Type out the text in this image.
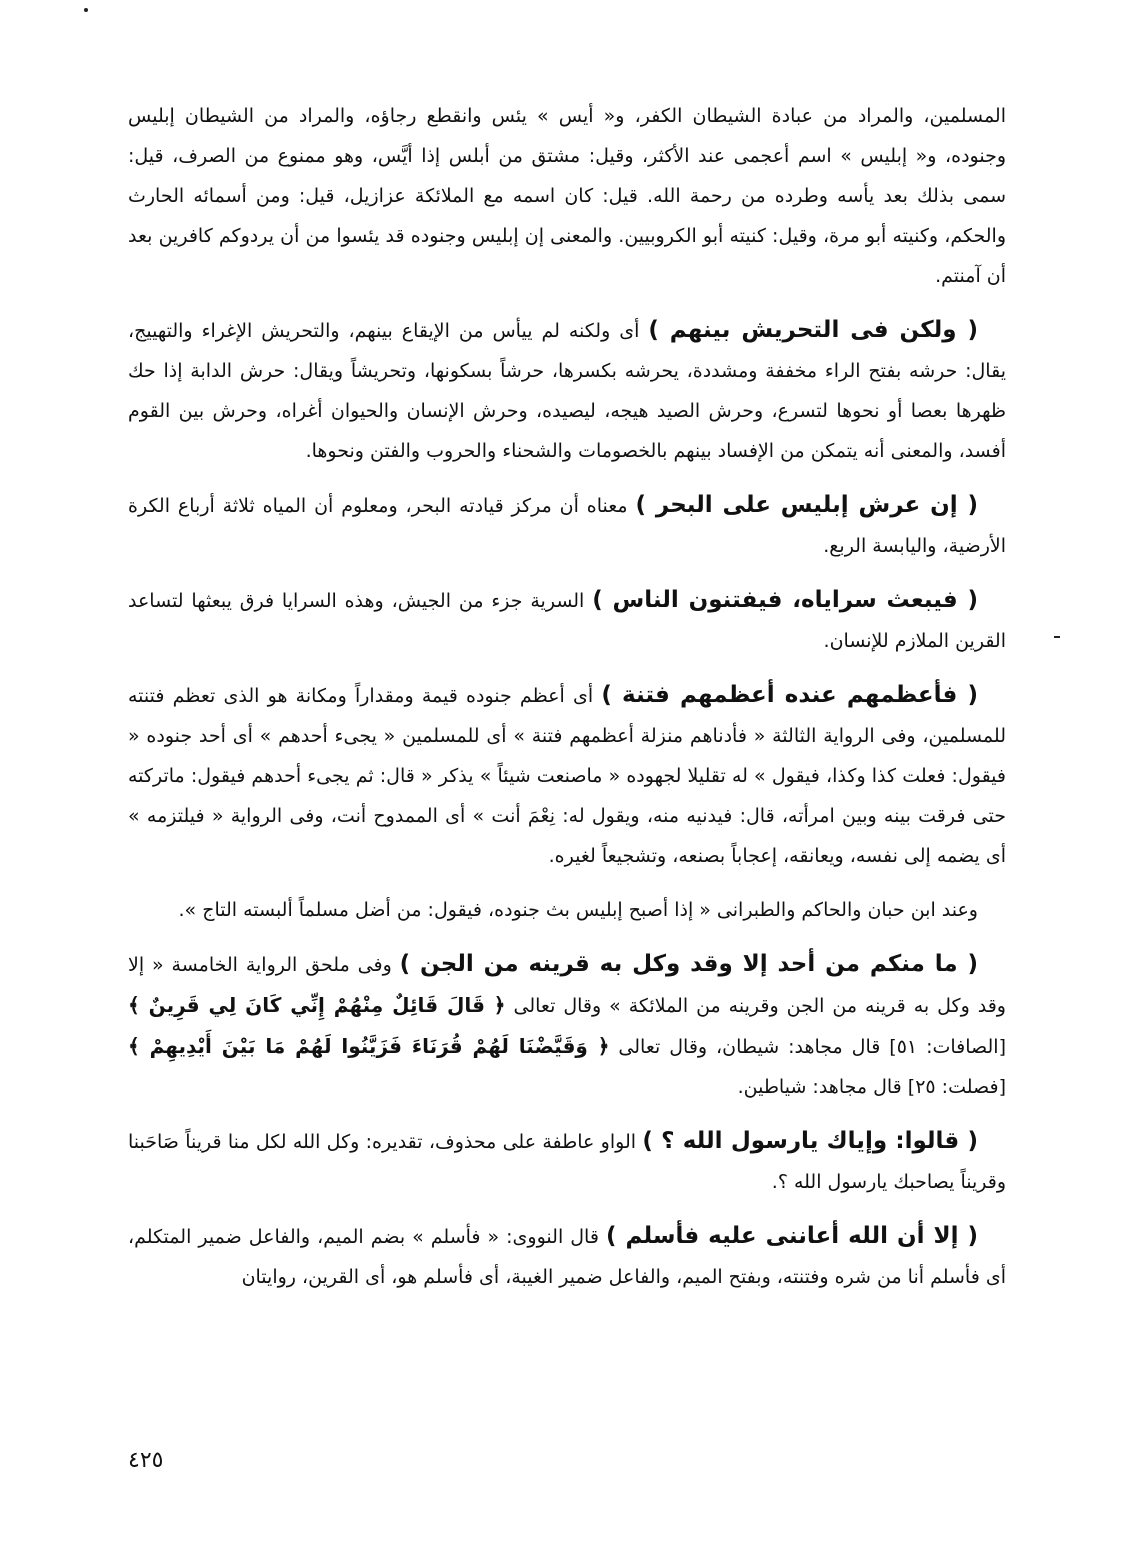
المسلمين، والمراد من عبادة الشيطان الكفر، و« أيس » يئس وانقطع رجاؤه، والمراد من الشيطان إبليس وجنوده، و« إبليس » اسم أعجمى عند الأكثر، وقيل: مشتق من أبلس إذا أيَّس، وهو ممنوع من الصرف، قيل: سمى بذلك بعد يأسه وطرده من رحمة الله. قيل: كان اسمه مع الملائكة عزازيل، قيل: ومن أسمائه الحارث والحكم، وكنيته أبو مرة، وقيل: كنيته أبو الكروبيين. والمعنى إن إبليس وجنوده قد يئسوا من أن يردوكم كافرين بعد أن آمنتم.

( ولكن فى التحريش بينهم ) أى ولكنه لم ييأس من الإيقاع بينهم، والتحريش الإغراء والتهييج، يقال: حرشه بفتح الراء مخففة ومشددة، يحرشه بكسرها، حرشاً بسكونها، وتحريشاً ويقال: حرش الدابة إذا حك ظهرها بعصا أو نحوها لتسرع، وحرش الصيد هيجه، ليصيده، وحرش الإنسان والحيوان أغراه، وحرش بين القوم أفسد، والمعنى أنه يتمكن من الإفساد بينهم بالخصومات والشحناء والحروب والفتن ونحوها.
( إن عرش إبليس على البحر ) معناه أن مركز قيادته البحر، ومعلوم أن المياه ثلاثة أرباع الكرة الأرضية، واليابسة الربع.
( فيبعث سراياه، فيفتنون الناس ) السرية جزء من الجيش، وهذه السرايا فرق يبعثها لتساعد القرين الملازم للإنسان.
( فأعظمهم عنده أعظمهم فتنة ) أى أعظم جنوده قيمة ومقداراً ومكانة هو الذى تعظم فتنته للمسلمين، وفى الرواية الثالثة « فأدناهم منزلة أعظمهم فتنة » أى للمسلمين « يجىء أحدهم » أى أحد جنوده « فيقول: فعلت كذا وكذا، فيقول » له تقليلا لجهوده « ماصنعت شيئاً » يذكر « قال: ثم يجىء أحدهم فيقول: ماتركته حتى فرقت بينه وبين امرأته، قال: فيدنيه منه، ويقول له: نِعْمَ أنت » أى الممدوح أنت، وفى الرواية « فيلتزمه » أى يضمه إلى نفسه، ويعانقه، إعجاباً بصنعه، وتشجيعاً لغيره.
وعند ابن حبان والحاكم والطبرانى « إذا أصبح إبليس بث جنوده، فيقول: من أضل مسلماً ألبسته التاج ».
( ما منكم من أحد إلا وقد وكل به قرينه من الجن ) وفى ملحق الرواية الخامسة « إلا وقد وكل به قرينه من الجن وقرينه من الملائكة » وقال تعالى ﴿ قَالَ قَائِلٌ مِنْهُمْ إِنِّي كَانَ لِي قَرِينٌ ﴾ [الصافات: ٥١] قال مجاهد: شيطان، وقال تعالى ﴿ وَقَيَّضْنَا لَهُمْ قُرَنَاءَ فَزَيَّنُوا لَهُمْ مَا بَيْنَ أَيْدِيهِمْ ﴾ [فصلت: ٢٥] قال مجاهد: شياطين.
( قالوا: وإياك يارسول الله ؟ ) الواو عاطفة على محذوف، تقديره: وكل الله لكل منا قريناً صَاحَبنا وقريناً يصاحبك يارسول الله ؟.
( إلا أن الله أعاننى عليه فأسلم ) قال النووى: « فأسلم » بضم الميم، والفاعل ضمير المتكلم، أى فأسلم أنا من شره وفتنته، وبفتح الميم، والفاعل ضمير الغيبة، أى فأسلم هو، أى القرين، روايتان
٤٢٥
